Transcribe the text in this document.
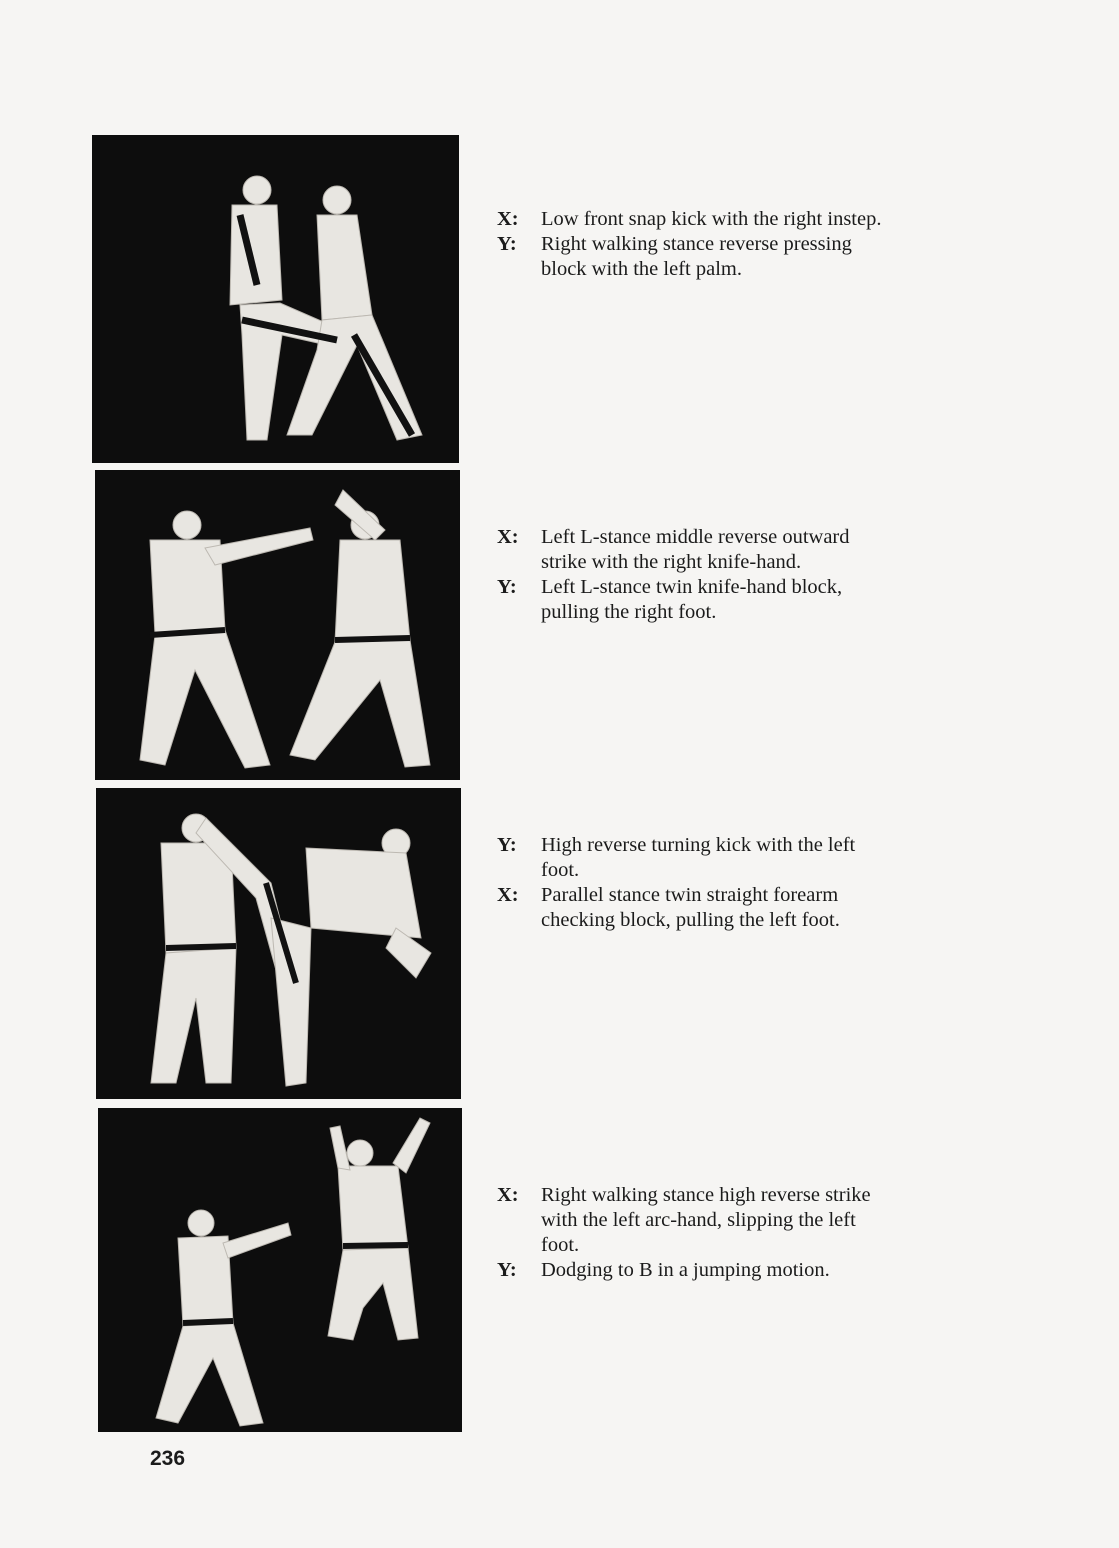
X:	Low front snap kick with the right instep.

Y:	Right walking stance reverse pressing block with the left palm.

X:	Left L-stance middle reverse outward strike with the right knife-hand.

Y:	Left L-stance twin knife-hand block, pulling the right foot.

Y:	High reverse turning kick with the left foot.

X:	Parallel stance twin straight forearm checking block, pulling the left foot.

X:	Right walking stance high reverse strike with the left arc-hand, slipping the left foot.

Y:	Dodging to B in a jumping motion.

236
